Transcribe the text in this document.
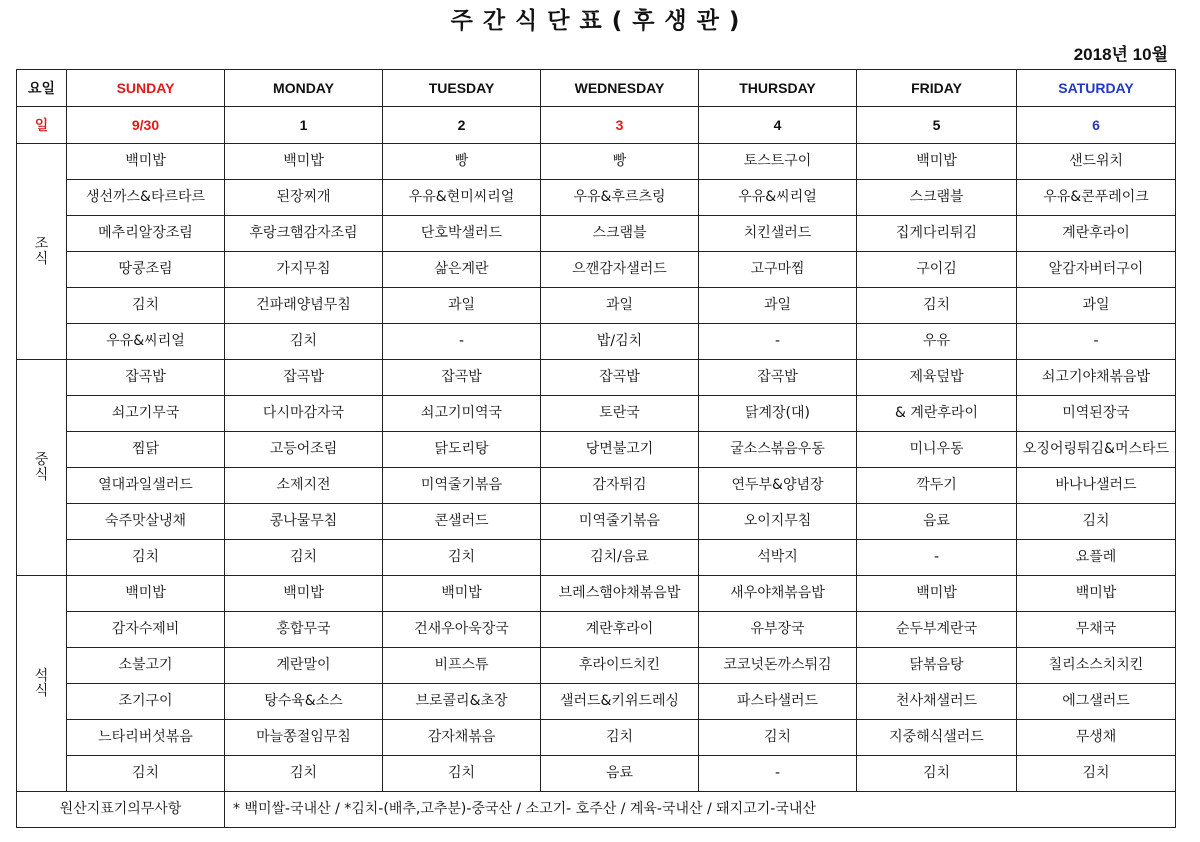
주간식단표(후생관)
2018년 10월
요일	SUNDAY	MONDAY	TUESDAY	WEDNESDAY	THURSDAY	FRIDAY	SATURDAY
일	9/30	1	2	3	4	5	6

조
식	백미밥	백미밥	빵	빵	토스트구이	백미밥	샌드위치
	생선까스&타르타르	된장찌개	우유&현미씨리얼	우유&후르츠링	우유&씨리얼	스크램블	우유&콘푸레이크
	메추리알장조림	후랑크햄감자조림	단호박샐러드	스크램블	치킨샐러드	집게다리튀김	계란후라이
	땅콩조림	가지무침	삶은계란	으깬감자샐러드	고구마찜	구이김	알감자버터구이
	김치	건파래양념무침	과일	과일	과일	김치	과일
	우유&씨리얼	김치	-	밥/김치	-	우유	-

중
식	잡곡밥	잡곡밥	잡곡밥	잡곡밥	잡곡밥	제육덮밥	쇠고기야채볶음밥
	쇠고기무국	다시마감자국	쇠고기미역국	토란국	닭계장(대)	& 계란후라이	미역된장국
	찜닭	고등어조림	닭도리탕	당면불고기	굴소스볶음우동	미니우동	오징어링튀김&머스타드
	열대과일샐러드	소제지전	미역줄기볶음	감자튀김	연두부&양념장	깍두기	바나나샐러드
	숙주맛살냉채	콩나물무침	콘샐러드	미역줄기볶음	오이지무침	음료	김치
	김치	김치	김치	김치/음료	석박지	-	요플레

석
식	백미밥	백미밥	백미밥	브레스햄야채볶음밥	새우야채볶음밥	백미밥	백미밥
	감자수제비	홍합무국	건새우아욱장국	계란후라이	유부장국	순두부계란국	무채국
	소불고기	계란말이	비프스튜	후라이드치킨	코코넛돈까스튀김	닭볶음탕	칠리소스치치킨
	조기구이	탕수육&소스	브로콜리&초장	샐러드&키위드레싱	파스타샐러드	천사채샐러드	에그샐러드
	느타리버섯볶음	마늘쫑절임무침	감자채볶음	김치	김치	지중해식샐러드	무생채
	김치	김치	김치	음료	-	김치	김치
원산지표기의무사항		* 백미쌀-국내산 / *김치-(배추,고추분)-중국산 / 소고기- 호주산 / 계육-국내산 / 돼지고기-국내산					
